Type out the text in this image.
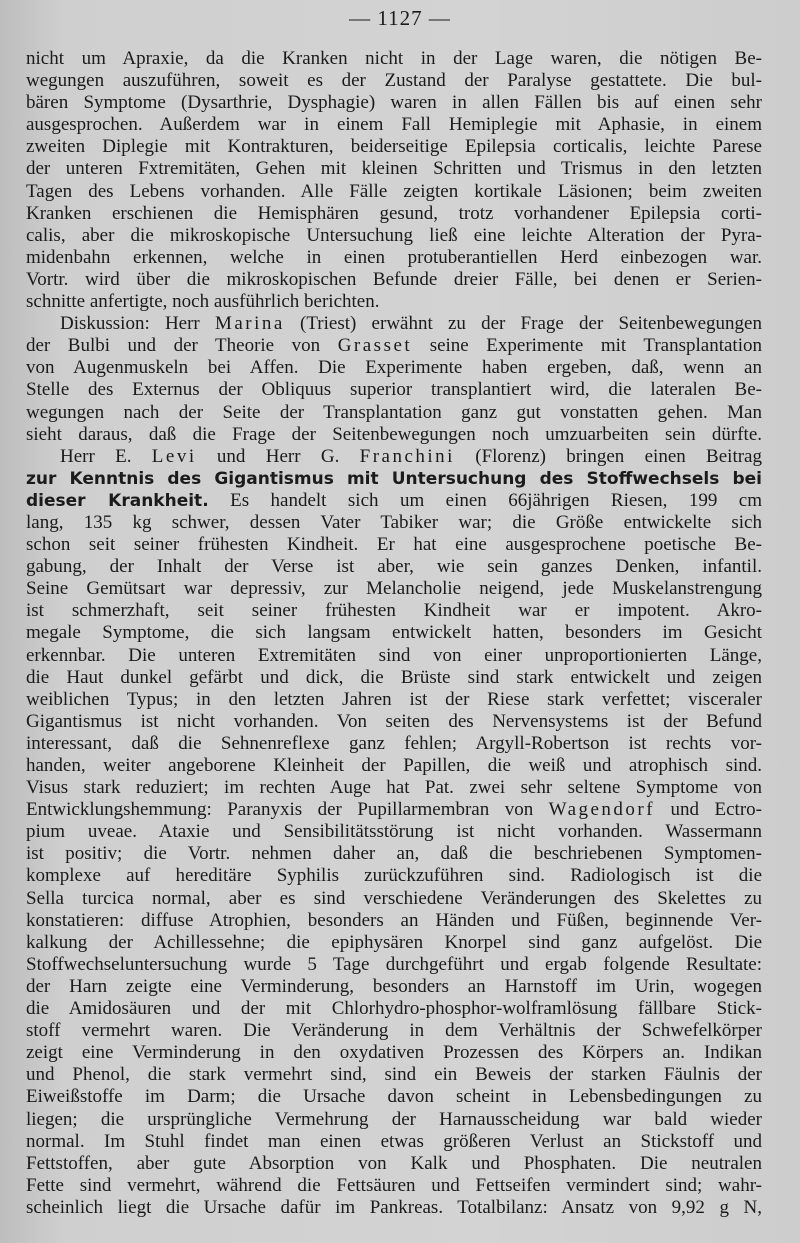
— 1127 —
nicht um Apraxie, da die Kranken nicht in der Lage waren, die nötigen Be-
wegungen auszuführen, soweit es der Zustand der Paralyse gestattete. Die bul-
bären Symptome (Dysarthrie, Dysphagie) waren in allen Fällen bis auf einen sehr
ausgesprochen. Außerdem war in einem Fall Hemiplegie mit Aphasie, in einem
zweiten Diplegie mit Kontrakturen, beiderseitige Epilepsia corticalis, leichte Parese
der unteren Fxtremitäten, Gehen mit kleinen Schritten und Trismus in den letzten
Tagen des Lebens vorhanden. Alle Fälle zeigten kortikale Läsionen; beim zweiten
Kranken erschienen die Hemisphären gesund, trotz vorhandener Epilepsia corti-
calis, aber die mikroskopische Untersuchung ließ eine leichte Alteration der Pyra-
midenbahn erkennen, welche in einen protuberantiellen Herd einbezogen war.
Vortr. wird über die mikroskopischen Befunde dreier Fälle, bei denen er Serien-
schnitte anfertigte, noch ausführlich berichten.
Diskussion: Herr Marina (Triest) erwähnt zu der Frage der Seitenbewegungen
der Bulbi und der Theorie von Grasset seine Experimente mit Transplantation
von Augenmuskeln bei Affen. Die Experimente haben ergeben, daß, wenn an
Stelle des Externus der Obliquus superior transplantiert wird, die lateralen Be-
wegungen nach der Seite der Transplantation ganz gut vonstatten gehen. Man
sieht daraus, daß die Frage der Seitenbewegungen noch umzuarbeiten sein dürfte.
Herr E. Levi und Herr G. Franchini (Florenz) bringen einen Beitrag
zur Kenntnis des Gigantismus mit Untersuchung des Stoffwechsels bei
dieser Krankheit. Es handelt sich um einen 66jährigen Riesen, 199 cm
lang, 135 kg schwer, dessen Vater Tabiker war; die Größe entwickelte sich
schon seit seiner frühesten Kindheit. Er hat eine ausgesprochene poetische Be-
gabung, der Inhalt der Verse ist aber, wie sein ganzes Denken, infantil.
Seine Gemütsart war depressiv, zur Melancholie neigend, jede Muskelanstrengung
ist schmerzhaft, seit seiner frühesten Kindheit war er impotent. Akro-
megale Symptome, die sich langsam entwickelt hatten, besonders im Gesicht
erkennbar. Die unteren Extremitäten sind von einer unproportionierten Länge,
die Haut dunkel gefärbt und dick, die Brüste sind stark entwickelt und zeigen
weiblichen Typus; in den letzten Jahren ist der Riese stark verfettet; visceraler
Gigantismus ist nicht vorhanden. Von seiten des Nervensystems ist der Befund
interessant, daß die Sehnenreflexe ganz fehlen; Argyll-Robertson ist rechts vor-
handen, weiter angeborene Kleinheit der Papillen, die weiß und atrophisch sind.
Visus stark reduziert; im rechten Auge hat Pat. zwei sehr seltene Symptome von
Entwicklungshemmung: Paranyxis der Pupillarmembran von Wagendorf und Ectro-
pium uveae. Ataxie und Sensibilitätsstörung ist nicht vorhanden. Wassermann
ist positiv; die Vortr. nehmen daher an, daß die beschriebenen Symptomen-
komplexe auf hereditäre Syphilis zurückzuführen sind. Radiologisch ist die
Sella turcica normal, aber es sind verschiedene Veränderungen des Skelettes zu
konstatieren: diffuse Atrophien, besonders an Händen und Füßen, beginnende Ver-
kalkung der Achillessehne; die epiphysären Knorpel sind ganz aufgelöst. Die
Stoffwechseluntersuchung wurde 5 Tage durchgeführt und ergab folgende Resultate:
der Harn zeigte eine Verminderung, besonders an Harnstoff im Urin, wogegen
die Amidosäuren und der mit Chlorhydro-phosphor-wolframlösung fällbare Stick-
stoff vermehrt waren. Die Veränderung in dem Verhältnis der Schwefelkörper
zeigt eine Verminderung in den oxydativen Prozessen des Körpers an. Indikan
und Phenol, die stark vermehrt sind, sind ein Beweis der starken Fäulnis der
Eiweißstoffe im Darm; die Ursache davon scheint in Lebensbedingungen zu
liegen; die ursprüngliche Vermehrung der Harnausscheidung war bald wieder
normal. Im Stuhl findet man einen etwas größeren Verlust an Stickstoff und
Fettstoffen, aber gute Absorption von Kalk und Phosphaten. Die neutralen
Fette sind vermehrt, während die Fettsäuren und Fettseifen vermindert sind; wahr-
scheinlich liegt die Ursache dafür im Pankreas. Totalbilanz: Ansatz von 9,92 g N,
